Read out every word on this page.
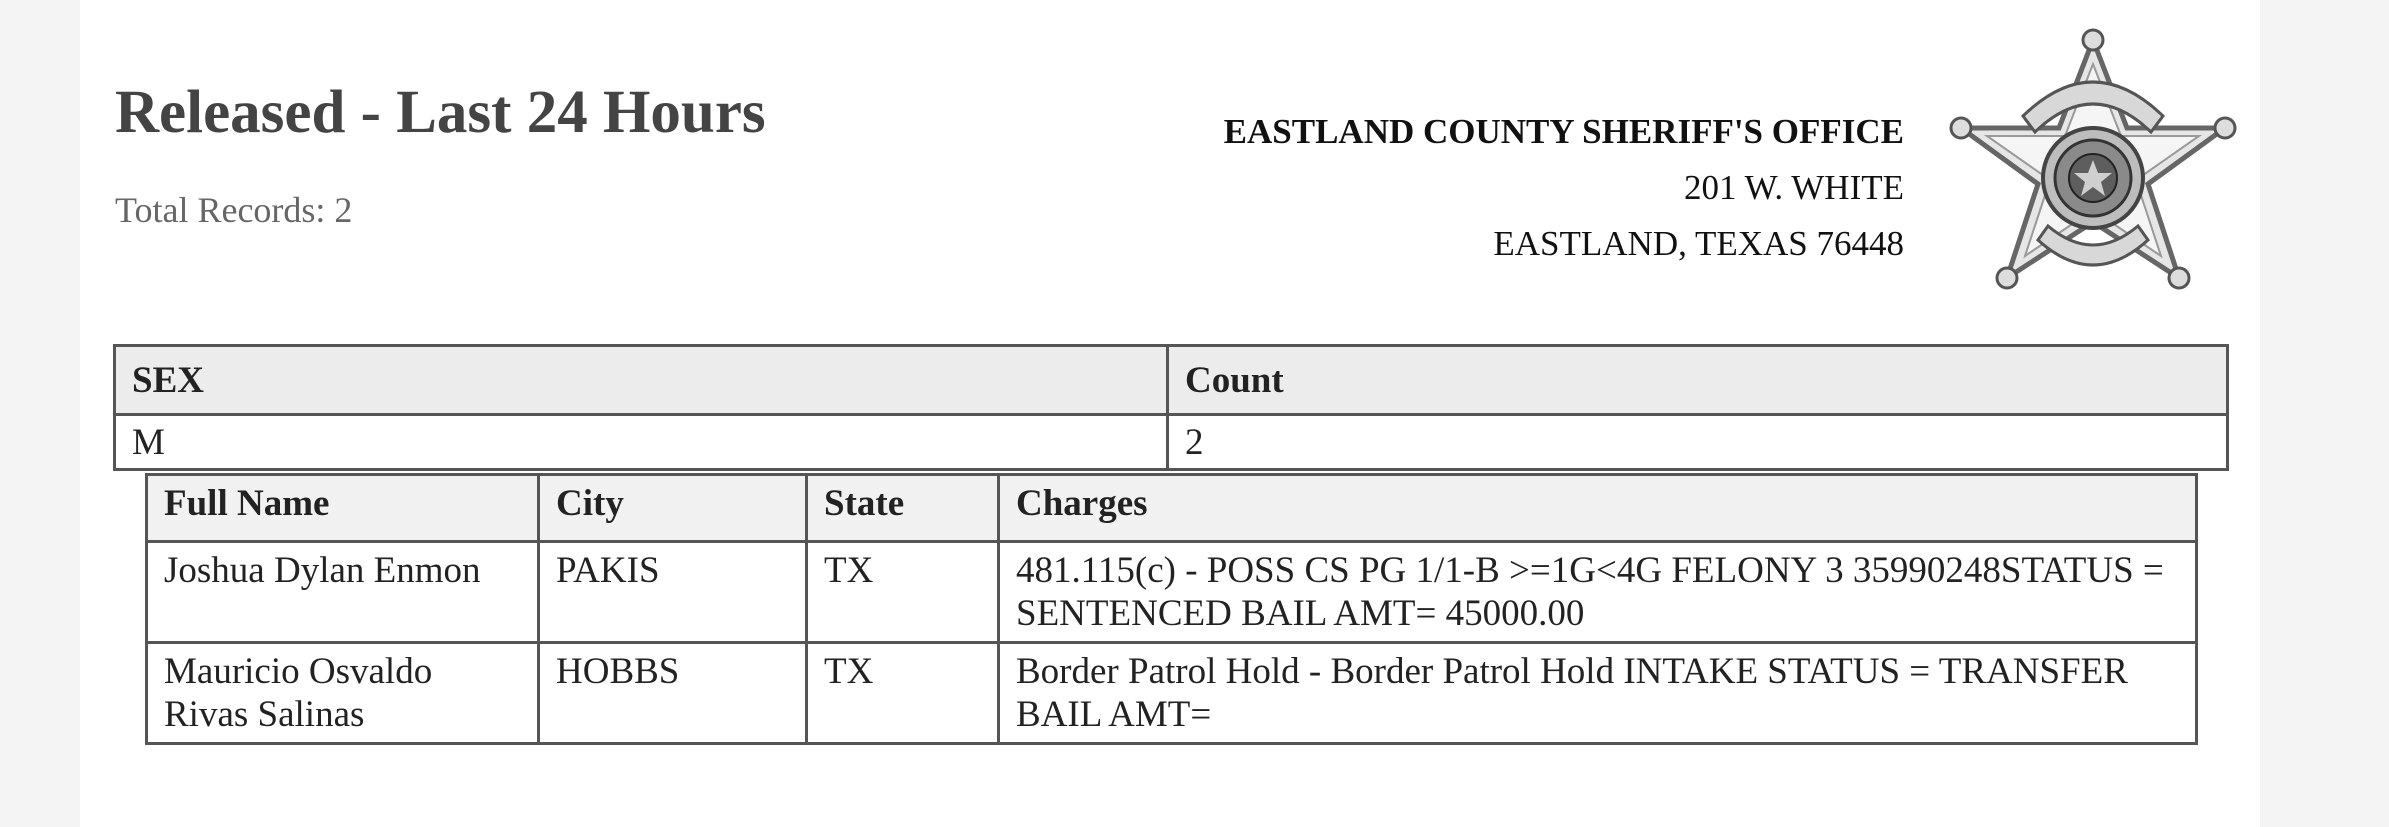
Released - Last 24 Hours
Total Records: 2
EASTLAND COUNTY SHERIFF'S OFFICE
201 W. WHITE
EASTLAND, TEXAS 76448
SEX	Count
M	2
Full Name	City	State	Charges
Joshua Dylan Enmon	PAKIS	TX	481.115(c) - POSS CS PG 1/1-B >=1G<4G FELONY 3 35990248STATUS = SENTENCED BAIL AMT= 45000.00
Mauricio Osvaldo Rivas Salinas	HOBBS	TX	Border Patrol Hold - Border Patrol Hold INTAKE STATUS = TRANSFER BAIL AMT=
